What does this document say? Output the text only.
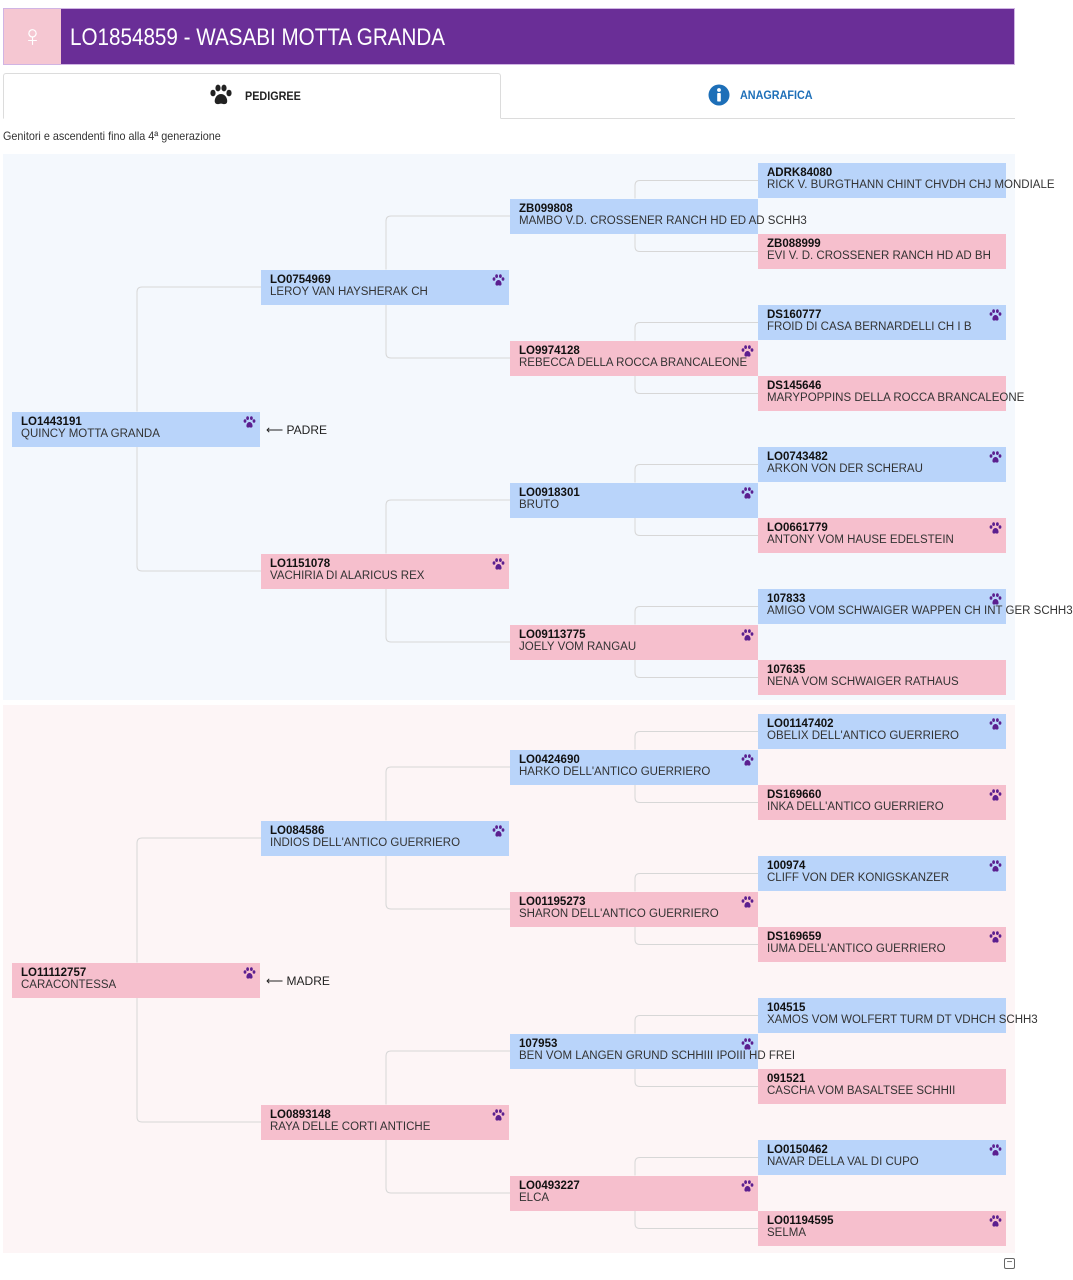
♀	LO1854859 - WASABI MOTTA GRANDA
PEDIGREE	ANAGRAFICA
Genitori e ascendenti fino alla 4ª generazione
LO1443191
QUINCY MOTTA GRANDA
LO0754969
LEROY VAN HAYSHERAK CH
ZB099808
MAMBO V.D. CROSSENER RANCH HD ED AD SCHH3
ADRK84080
RICK V. BURGTHANN CHINT CHVDH CHJ MONDIALE
ZB088999
EVI V. D. CROSSENER RANCH HD AD BH
LO9974128
REBECCA DELLA ROCCA BRANCALEONE
DS160777
FROID DI CASA BERNARDELLI CH I B
DS145646
MARYPOPPINS DELLA ROCCA BRANCALEONE
LO1151078
VACHIRIA DI ALARICUS REX
LO0918301
BRUTO
LO0743482
ARKON VON DER SCHERAU
LO0661779
ANTONY VOM HAUSE EDELSTEIN
LO09113775
JOELY VOM RANGAU
107833
AMIGO VOM SCHWAIGER WAPPEN CH INT GER SCHH3
107635
NENA VOM SCHWAIGER RATHAUS
LO11112757
CARACONTESSA
LO084586
INDIOS DELL'ANTICO GUERRIERO
LO0424690
HARKO DELL'ANTICO GUERRIERO
LO01147402
OBELIX DELL'ANTICO GUERRIERO
DS169660
INKA DELL'ANTICO GUERRIERO
LO01195273
SHARON DELL'ANTICO GUERRIERO
100974
CLIFF VON DER KONIGSKANZER
DS169659
IUMA DELL'ANTICO GUERRIERO
LO0893148
RAYA DELLE CORTI ANTICHE
107953
BEN VOM LANGEN GRUND SCHHIII IPOIII HD FREI
104515
XAMOS VOM WOLFERT TURM DT VDHCH SCHH3
091521
CASCHA VOM BASALTSEE SCHHII
LO0493227
ELCA
LO0150462
NAVAR DELLA VAL DI CUPO
LO01194595
SELMA
⟵ PADRE
⟵ MADRE
−
